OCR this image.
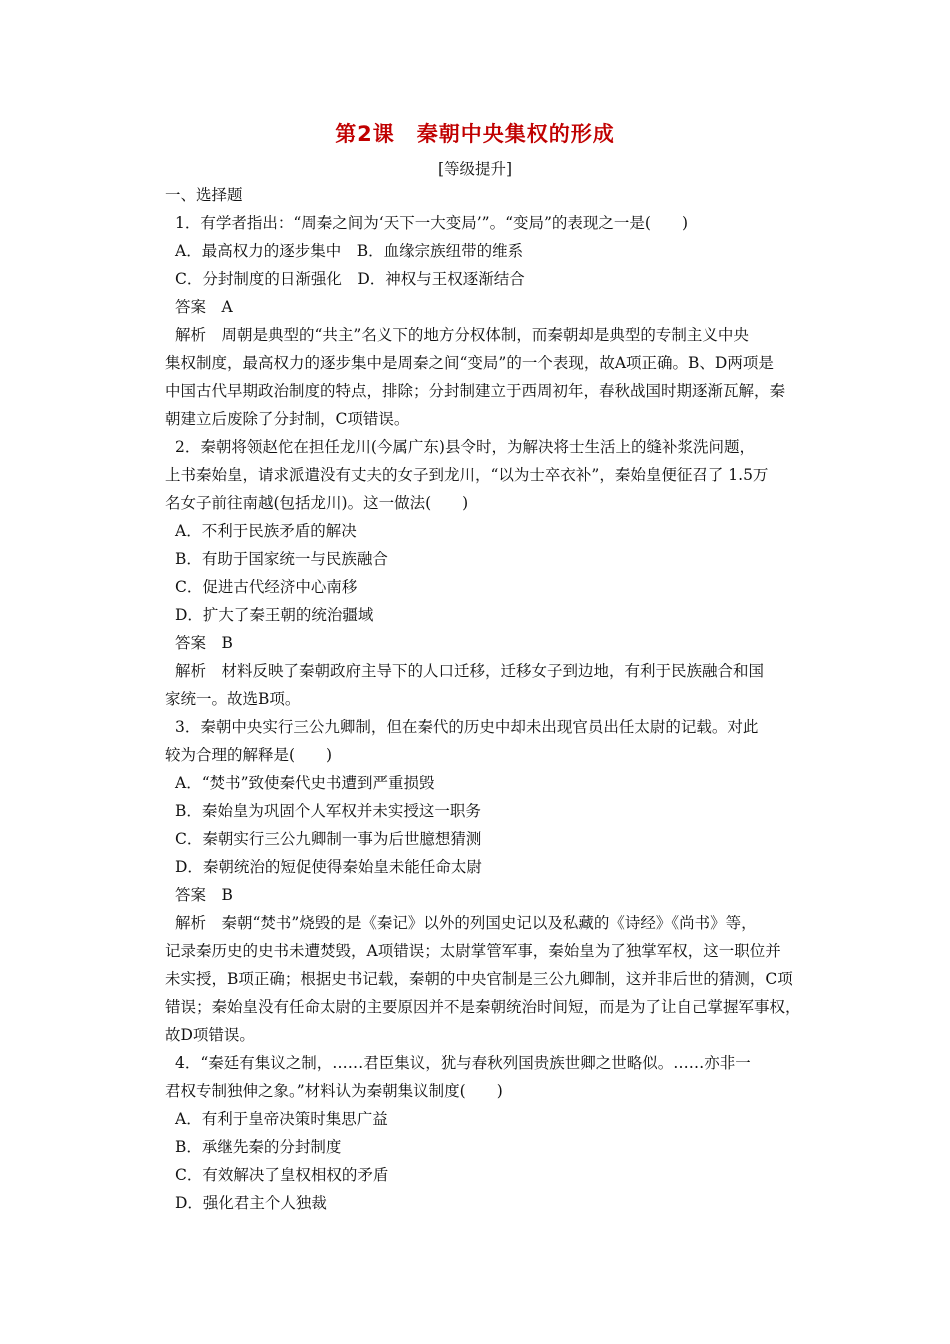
第2课　秦朝中央集权的形成
[等级提升]

一、选择题

1．有学者指出：“周秦之间为‘天下一大变局’”。“变局”的表现之一是(　　)

A．最高权力的逐步集中　B．血缘宗族纽带的维系

C．分封制度的日渐强化　D．神权与王权逐渐结合

答案　A

解析　周朝是典型的“共主”名义下的地方分权体制，而秦朝却是典型的专制主义中央

集权制度，最高权力的逐步集中是周秦之间“变局”的一个表现，故A项正确。B、D两项是

中国古代早期政治制度的特点，排除；分封制建立于西周初年，春秋战国时期逐渐瓦解，秦

朝建立后废除了分封制，C项错误。

2．秦朝将领赵佗在担任龙川(今属广东)县令时，为解决将士生活上的缝补浆洗问题，

上书秦始皇，请求派遣没有丈夫的女子到龙川，“以为士卒衣补”，秦始皇便征召了 1.5万

名女子前往南越(包括龙川)。这一做法(　　)

A．不利于民族矛盾的解决

B．有助于国家统一与民族融合

C．促进古代经济中心南移

D．扩大了秦王朝的统治疆域

答案　B

解析　材料反映了秦朝政府主导下的人口迁移，迁移女子到边地，有利于民族融合和国

家统一。故选B项。

3．秦朝中央实行三公九卿制，但在秦代的历史中却未出现官员出任太尉的记载。对此

较为合理的解释是(　　)

A．“焚书”致使秦代史书遭到严重损毁

B．秦始皇为巩固个人军权并未实授这一职务

C．秦朝实行三公九卿制一事为后世臆想猜测

D．秦朝统治的短促使得秦始皇未能任命太尉

答案　B

解析　秦朝“焚书”烧毁的是《秦记》以外的列国史记以及私藏的《诗经》《尚书》等，

记录秦历史的史书未遭焚毁，A项错误；太尉掌管军事，秦始皇为了独掌军权，这一职位并

未实授，B项正确；根据史书记载，秦朝的中央官制是三公九卿制，这并非后世的猜测，C项

错误；秦始皇没有任命太尉的主要原因并不是秦朝统治时间短，而是为了让自己掌握军事权，

故D项错误。

4．“秦廷有集议之制，……君臣集议，犹与春秋列国贵族世卿之世略似。……亦非一

君权专制独伸之象。”材料认为秦朝集议制度(　　)

A．有利于皇帝决策时集思广益

B．承继先秦的分封制度

C．有效解决了皇权相权的矛盾

D．强化君主个人独裁
